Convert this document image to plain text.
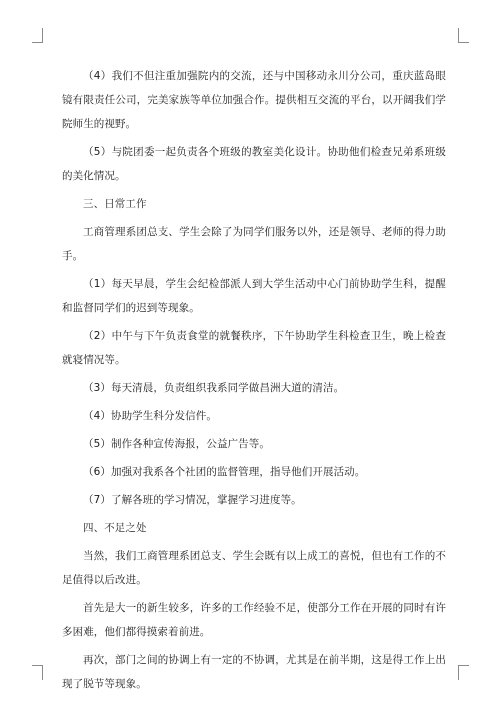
（4）我们不但注重加强院内的交流，还与中国移动永川分公司，重庆蓝岛眼镜有限责任公司，完美家族等单位加强合作。提供相互交流的平台，以开阔我们学院师生的视野。

（5）与院团委一起负责各个班级的教室美化设计。协助他们检查兄弟系班级的美化情况。

三、日常工作

工商管理系团总支、学生会除了为同学们服务以外，还是领导、老师的得力助手。

（1）每天早晨，学生会纪检部派人到大学生活动中心门前协助学生科，提醒和监督同学们的迟到等现象。

（2）中午与下午负责食堂的就餐秩序，下午协助学生科检查卫生，晚上检查就寝情况等。

（3）每天清晨，负责组织我系同学做昌洲大道的清洁。

（4）协助学生科分发信件。

（5）制作各种宣传海报，公益广告等。

（6）加强对我系各个社团的监督管理，指导他们开展活动。

（7）了解各班的学习情况，掌握学习进度等。

四、不足之处

当然，我们工商管理系团总支、学生会既有以上成工的喜悦，但也有工作的不足值得以后改进。

首先是大一的新生较多，许多的工作经验不足，使部分工作在开展的同时有许多困难，他们都得摸索着前进。

再次，部门之间的协调上有一定的不协调，尤其是在前半期，这是得工作上出现了脱节等现象。
